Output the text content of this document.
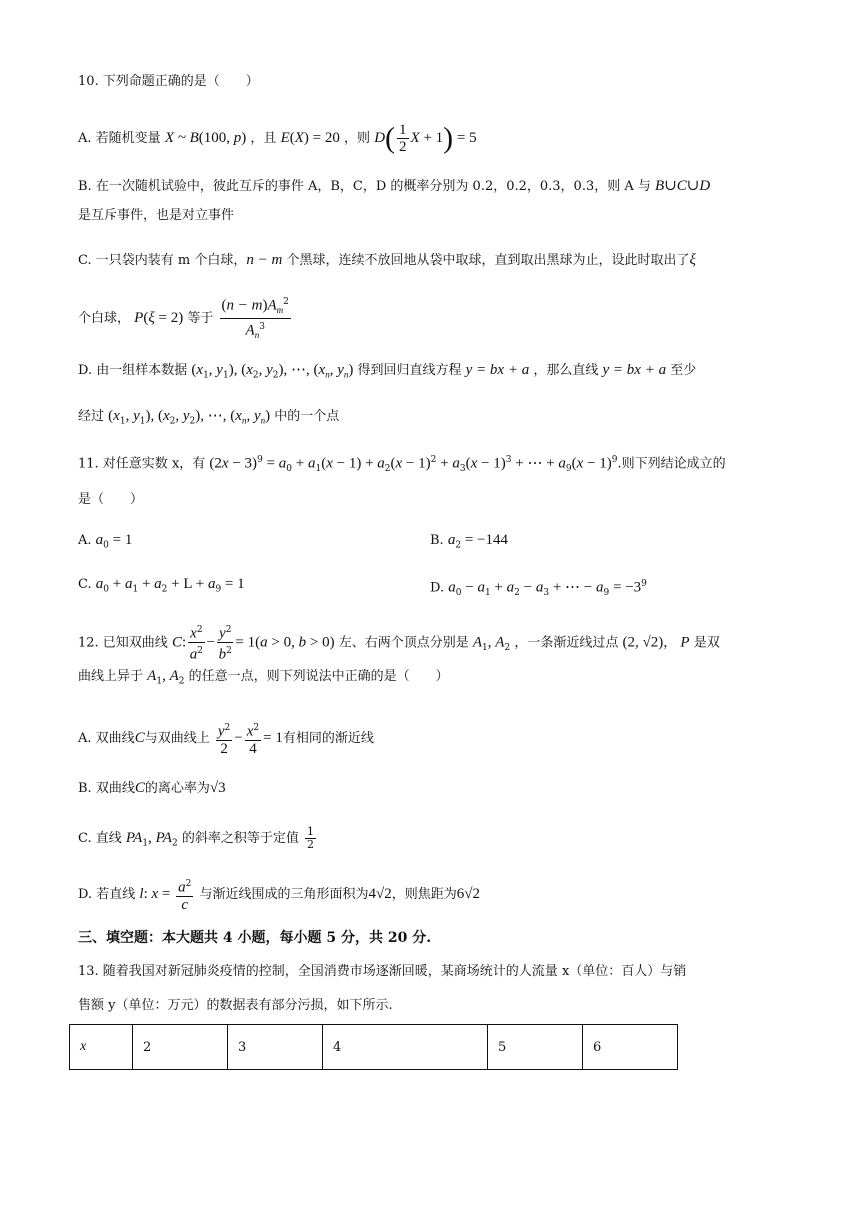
10. 下列命题正确的是（　　）
A. 若随机变量 X ~ B(100, p) ，且 E(X) = 20 ，则 $D( \frac{1}{2}$ X + 1) = 5
B. 在一次随机试验中，彼此互斥的事件 A，B，C，D 的概率分别为 0.2，0.2，0.3，0.3，则 A 与 B∪C∪D
是互斥事件，也是对立事件
C. 一只袋内装有 m 个白球，n − m 个黑球，连续不放回地从袋中取球，直到取出黑球为止，设此时取出了ξ
个白球， P(ξ = 2) 等于 $\frac{(n - m)A_m^2}{A_n^3}$
D. 由一组样本数据 ($x_1$, $y_1$), ($x_2$, $y_2$), ⋯, ($x_n$, $y_n$) 得到回归直线方程 y = bx + a ，那么直线 y = bx + a 至少
经过 ($x_1$, $y_1$), ($x_2$, $y_2$), ⋯, ($x_n$, $y_n$) 中的一个点
11. 对任意实数 x，有 $(2x - 3)^9 = a_0 + a_1(x - 1) + a_2(x - 1)^2 + a_3(x - 1)^3$ + ⋯ + $a_9(x - 1)^9$.则下列结论成立的
是（　　）
A. $a_0 = 1$	B. $a_2 = -144$
C. $a_0 + a_1 + a_2 + L + a_9 = 1$	D. $a_0 - a_1 + a_2 - a_3$ + ⋯ − $a_9 = -3^9$
12. 已知双曲线 C: $\frac{x^2}{a^2} - \frac{y^2}{b^2} = 1(a > 0$, b > 0) 左、右两个顶点分别是 $A_1$, $A_2$ ，一条渐近线过点 (2, √2)， P 是双
曲线上异于 $A_1$, $A_2$ 的任意一点，则下列说法中正确的是（　　）
A. 双曲线C与双曲线上 $\frac{y^2}{2} - \frac{x^2}{4} = 1$有相同的渐近线
B. 双曲线C的离心率为√3
C. 直线 $PA_1$, $PA_2$ 的斜率之积等于定值 $\frac{1}{2}$
D. 若直线 l: $x = \frac{a^2}{c}$ 与渐近线围成的三角形面积为4√2，则焦距为6√2
三、填空题：本大题共 4 小题，每小题 5 分，共 20 分.
13. 随着我国对新冠肺炎疫情的控制，全国消费市场逐渐回暖，某商场统计的人流量 x（单位：百人）与销
售额 y（单位：万元）的数据表有部分污损，如下所示.
x	2	3	4	5	6
